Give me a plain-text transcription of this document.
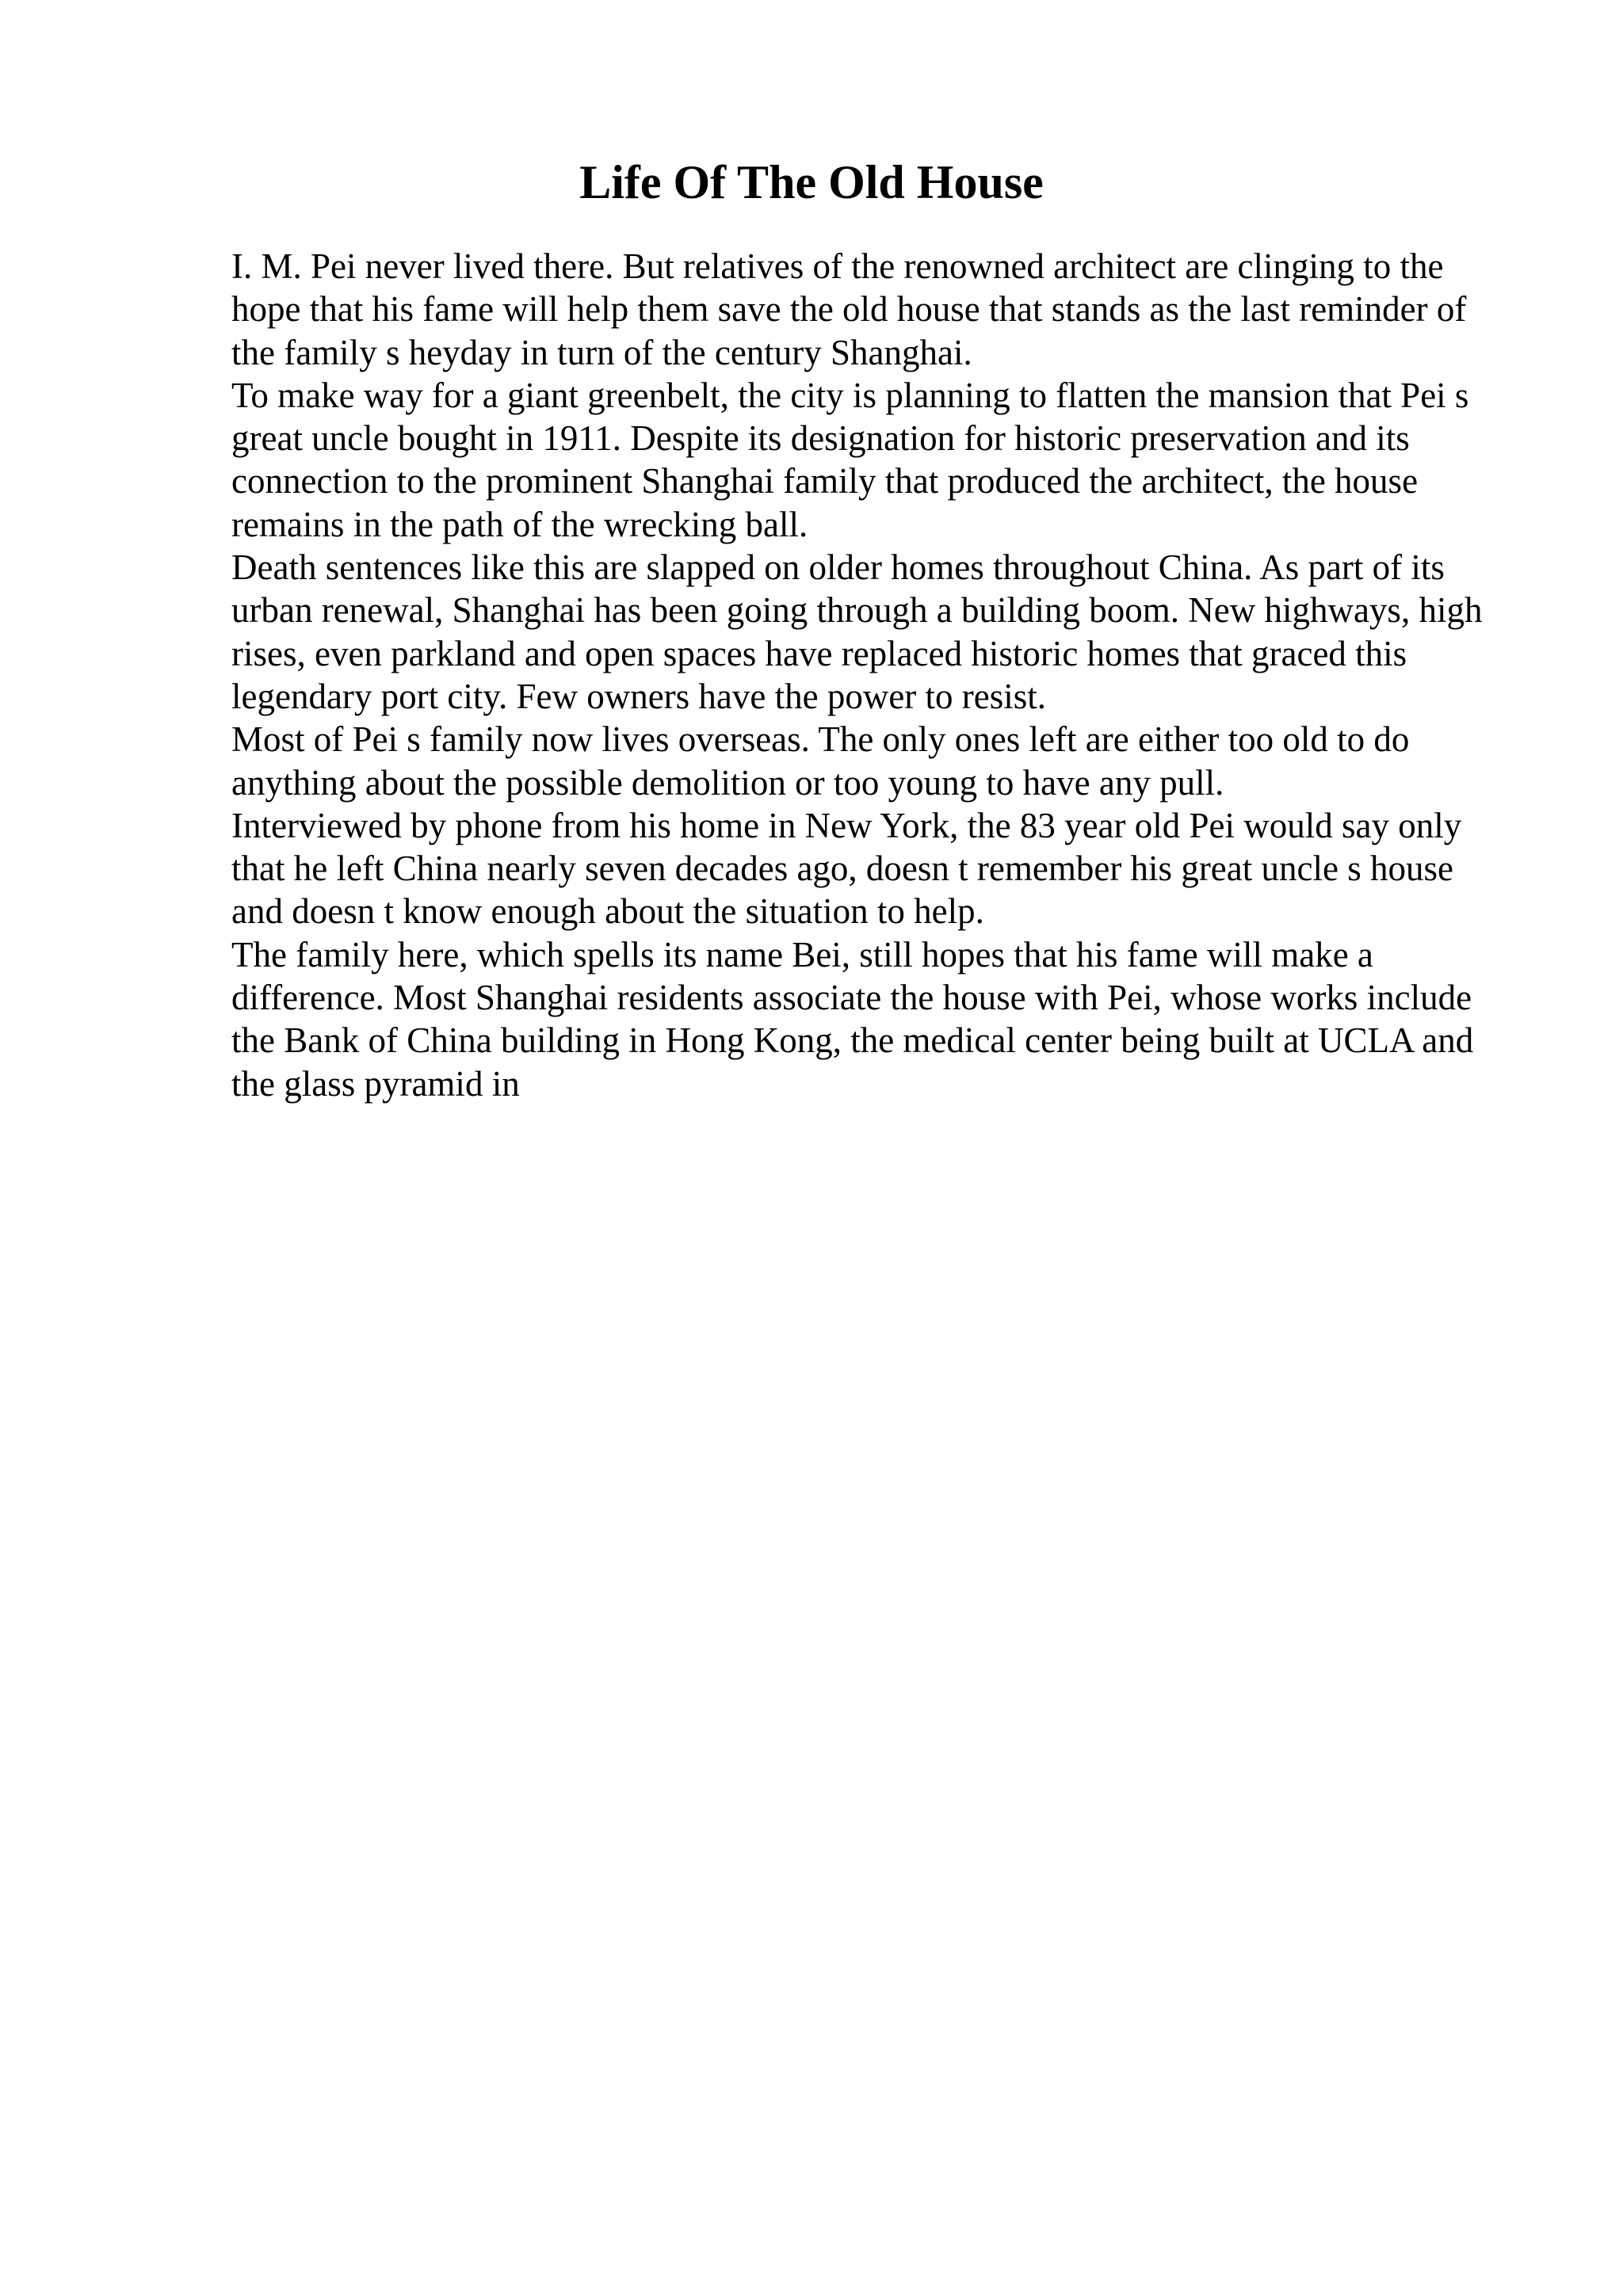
Life Of The Old House

I. M. Pei never lived there. But relatives of the renowned architect are clinging to the hope that his fame will help them save the old house that stands as the last reminder of the family s heyday in turn of the century Shanghai.

To make way for a giant greenbelt, the city is planning to flatten the mansion that Pei s great uncle bought in 1911. Despite its designation for historic preservation and its connection to the prominent Shanghai family that produced the architect, the house remains in the path of the wrecking ball.

Death sentences like this are slapped on older homes throughout China. As part of its urban renewal, Shanghai has been going through a building boom. New highways, high rises, even parkland and open spaces have replaced historic homes that graced this legendary port city. Few owners have the power to resist.

Most of Pei s family now lives overseas. The only ones left are either too old to do anything about the possible demolition or too young to have any pull.

Interviewed by phone from his home in New York, the 83 year old Pei would say only that he left China nearly seven decades ago, doesn t remember his great uncle s house and doesn t know enough about the situation to help.

The family here, which spells its name Bei, still hopes that his fame will make a difference. Most Shanghai residents associate the house with Pei, whose works include the Bank of China building in Hong Kong, the medical center being built at UCLA and the glass pyramid in
